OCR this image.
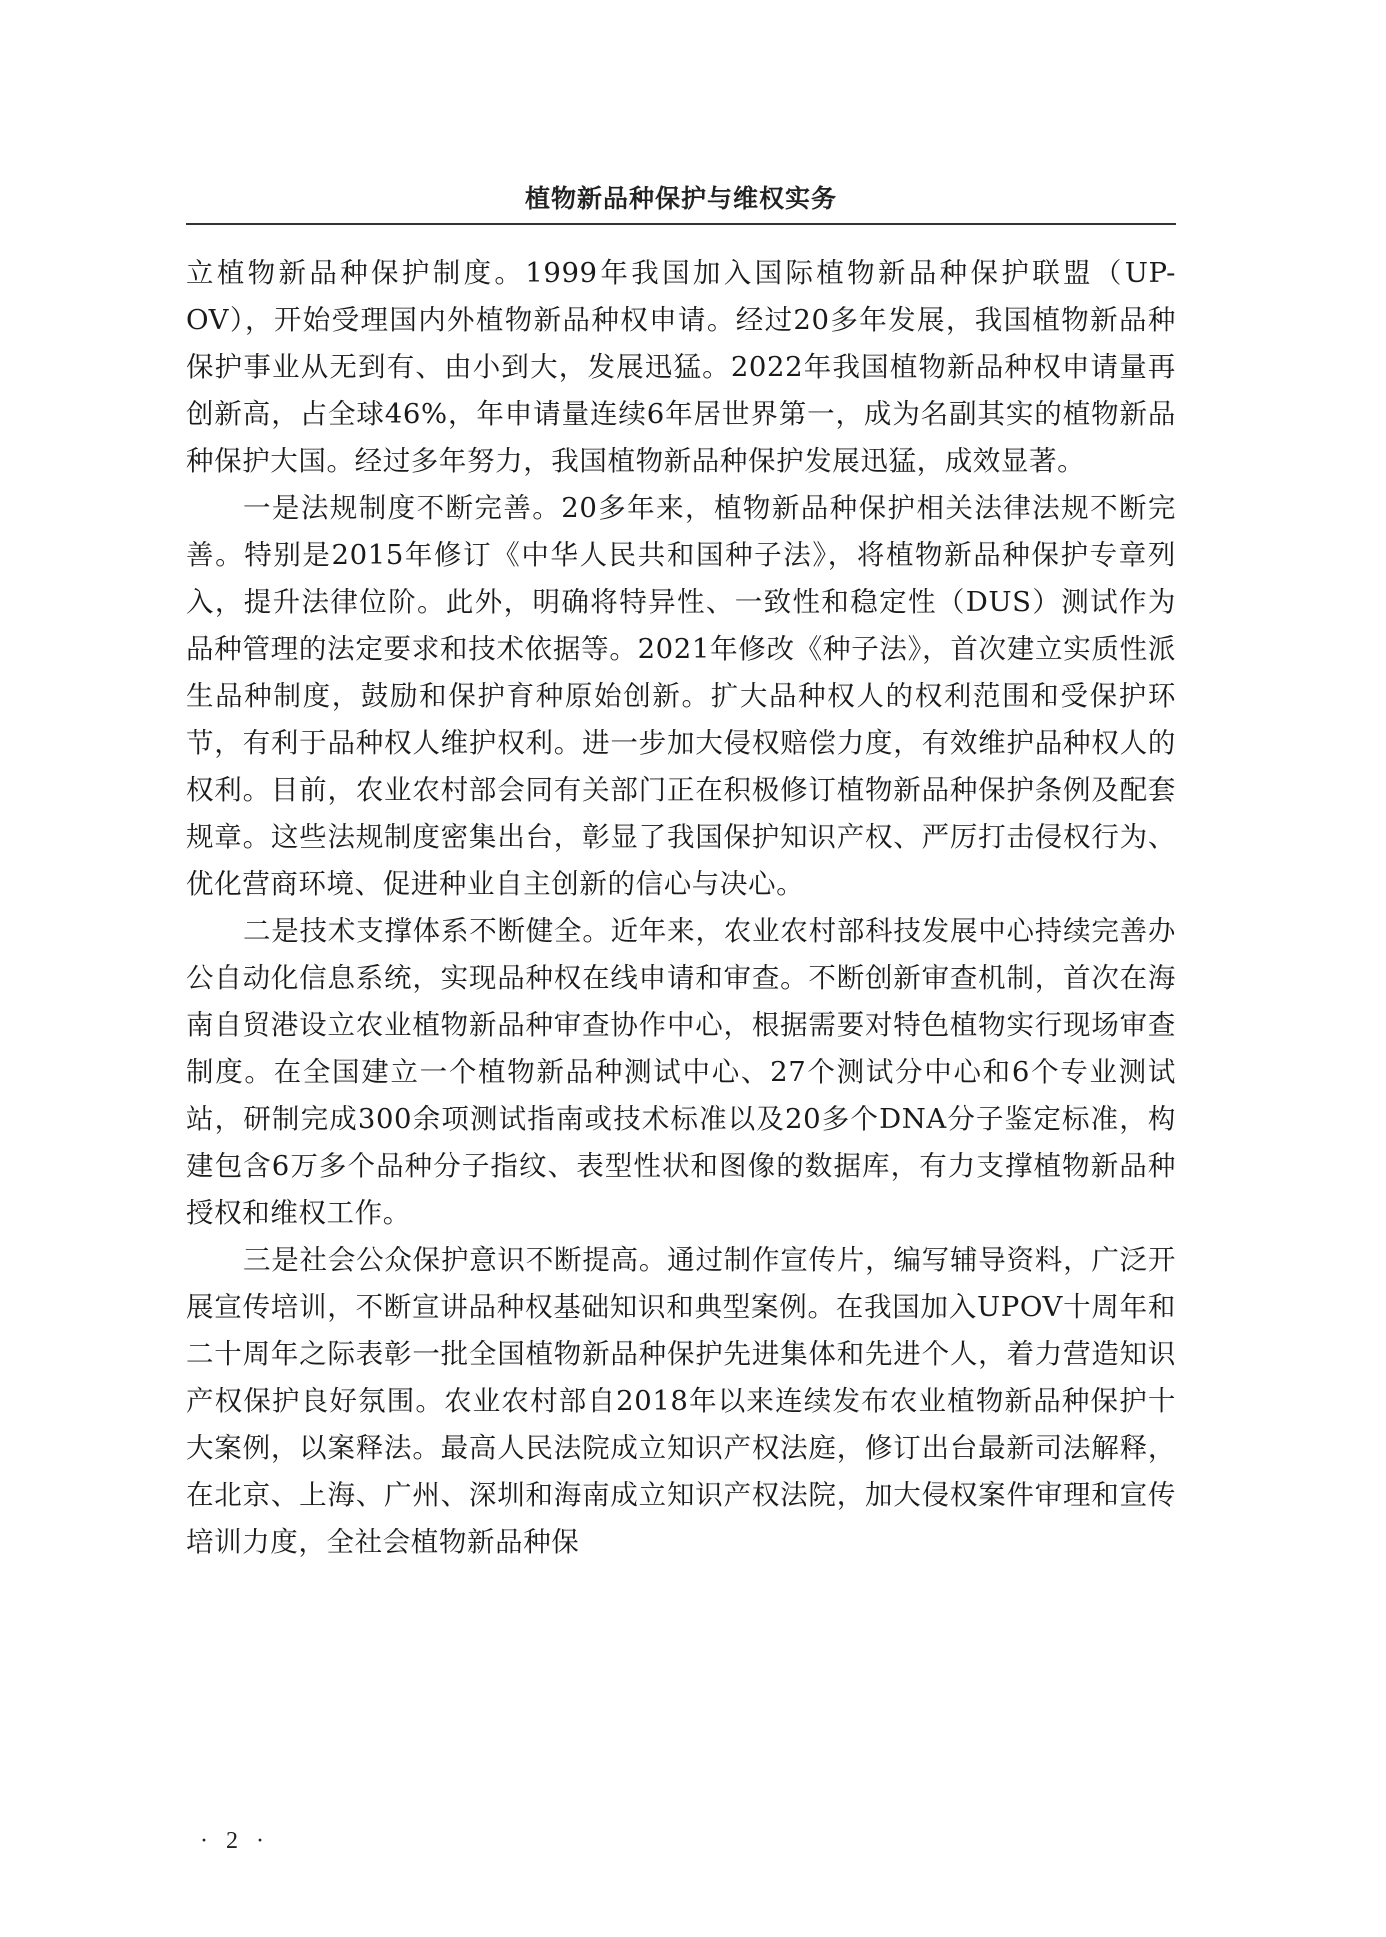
植物新品种保护与维权实务

立植物新品种保护制度。1999年我国加入国际植物新品种保护联盟（UP-OV），开始受理国内外植物新品种权申请。经过20多年发展，我国植物新品种保护事业从无到有、由小到大，发展迅猛。2022年我国植物新品种权申请量再创新高，占全球46%，年申请量连续6年居世界第一，成为名副其实的植物新品种保护大国。经过多年努力，我国植物新品种保护发展迅猛，成效显著。

一是法规制度不断完善。20多年来，植物新品种保护相关法律法规不断完善。特别是2015年修订《中华人民共和国种子法》，将植物新品种保护专章列入，提升法律位阶。此外，明确将特异性、一致性和稳定性（DUS）测试作为品种管理的法定要求和技术依据等。2021年修改《种子法》，首次建立实质性派生品种制度，鼓励和保护育种原始创新。扩大品种权人的权利范围和受保护环节，有利于品种权人维护权利。进一步加大侵权赔偿力度，有效维护品种权人的权利。目前，农业农村部会同有关部门正在积极修订植物新品种保护条例及配套规章。这些法规制度密集出台，彰显了我国保护知识产权、严厉打击侵权行为、优化营商环境、促进种业自主创新的信心与决心。

二是技术支撑体系不断健全。近年来，农业农村部科技发展中心持续完善办公自动化信息系统，实现品种权在线申请和审查。不断创新审查机制，首次在海南自贸港设立农业植物新品种审查协作中心，根据需要对特色植物实行现场审查制度。在全国建立一个植物新品种测试中心、27个测试分中心和6个专业测试站，研制完成300余项测试指南或技术标准以及20多个DNA分子鉴定标准，构建包含6万多个品种分子指纹、表型性状和图像的数据库，有力支撑植物新品种授权和维权工作。

三是社会公众保护意识不断提高。通过制作宣传片，编写辅导资料，广泛开展宣传培训，不断宣讲品种权基础知识和典型案例。在我国加入UPOV十周年和二十周年之际表彰一批全国植物新品种保护先进集体和先进个人，着力营造知识产权保护良好氛围。农业农村部自2018年以来连续发布农业植物新品种保护十大案例，以案释法。最高人民法院成立知识产权法庭，修订出台最新司法解释，在北京、上海、广州、深圳和海南成立知识产权法院，加大侵权案件审理和宣传培训力度，全社会植物新品种保

· 2 ·
